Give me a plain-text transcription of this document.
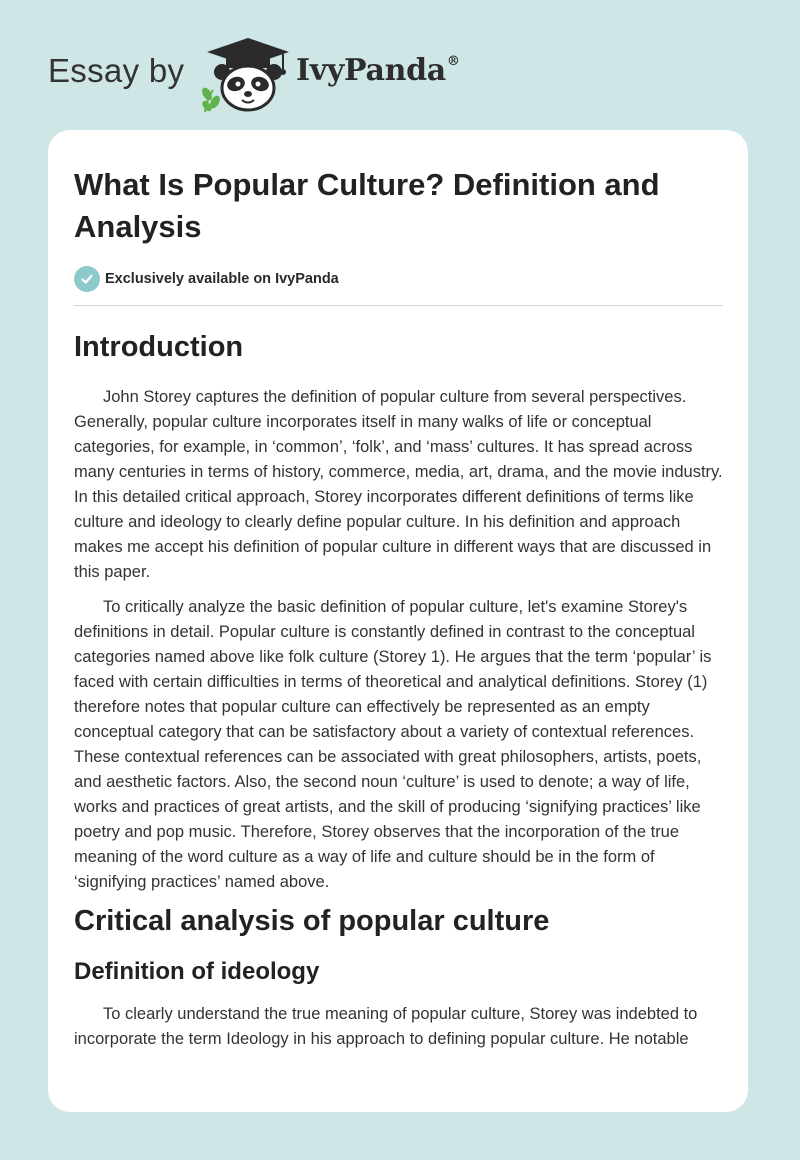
Essay by	IvyPanda®
What Is Popular Culture? Definition and Analysis
Exclusively available on IvyPanda
Introduction

John Storey captures the definition of popular culture from several perspectives. Generally, popular culture incorporates itself in many walks of life or conceptual categories, for example, in ‘common’, ‘folk’, and ‘mass’ cultures. It has spread across many centuries in terms of history, commerce, media, art, drama, and the movie industry. In this detailed critical approach, Storey incorporates different definitions of terms like culture and ideology to clearly define popular culture. In his definition and approach makes me accept his definition of popular culture in different ways that are discussed in this paper.

To critically analyze the basic definition of popular culture, let's examine Storey's definitions in detail. Popular culture is constantly defined in contrast to the conceptual categories named above like folk culture (Storey 1). He argues that the term ‘popular’ is faced with certain difficulties in terms of theoretical and analytical definitions. Storey (1) therefore notes that popular culture can effectively be represented as an empty conceptual category that can be satisfactory about a variety of contextual references. These contextual references can be associated with great philosophers, artists, poets, and aesthetic factors. Also, the second noun ‘culture’ is used to denote; a way of life, works and practices of great artists, and the skill of producing ‘signifying practices’ like poetry and pop music. Therefore, Storey observes that the incorporation of the true meaning of the word culture as a way of life and culture should be in the form of ‘signifying practices’ named above.

Critical analysis of popular culture
Definition of ideology

To clearly understand the true meaning of popular culture, Storey was indebted to incorporate the term Ideology in his approach to defining popular culture. He notable
